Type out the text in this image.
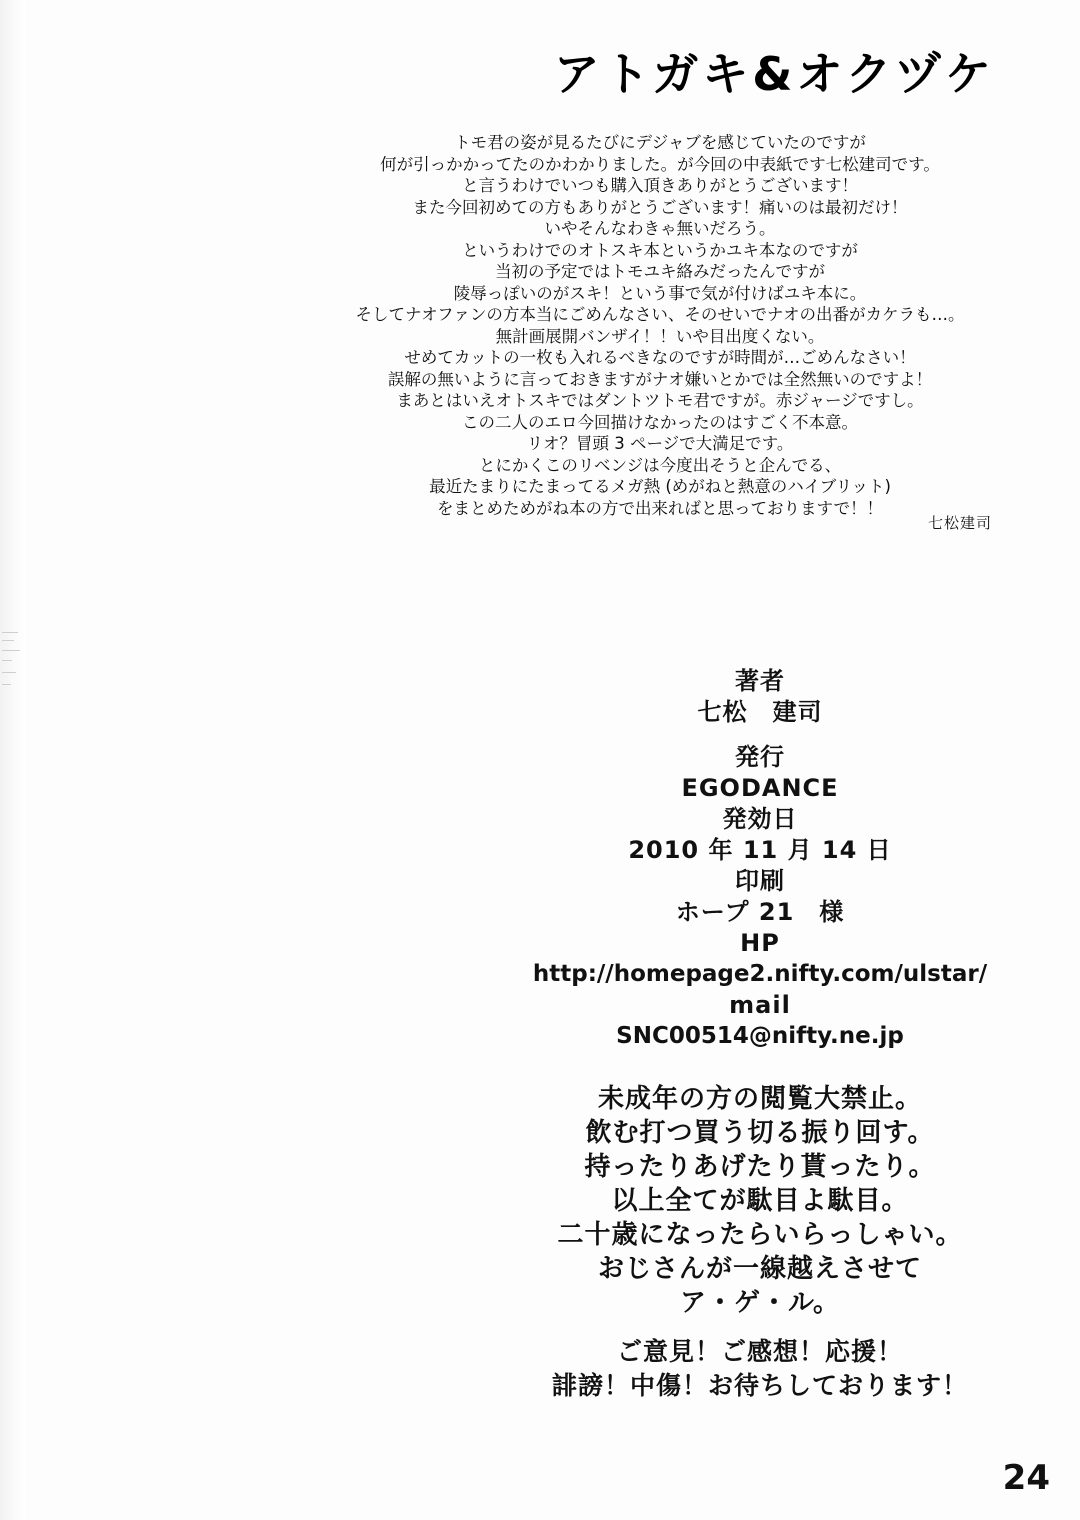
アトガキ&オクヅケ
トモ君の姿が見るたびにデジャブを感じていたのですが
何が引っかかってたのかわかりました。が今回の中表紙です七松建司です。
と言うわけでいつも購入頂きありがとうございます！
また今回初めての方もありがとうございます！痛いのは最初だけ！
いやそんなわきゃ無いだろう。
というわけでのオトスキ本というかユキ本なのですが
当初の予定ではトモユキ絡みだったんですが
陵辱っぽいのがスキ！という事で気が付けばユキ本に。
そしてナオファンの方本当にごめんなさい、そのせいでナオの出番がカケラも…。
無計画展開バンザイ！！いや目出度くない。
せめてカットの一枚も入れるべきなのですが時間が…ごめんなさい！
誤解の無いように言っておきますがナオ嫌いとかでは全然無いのですよ！
まあとはいえオトスキではダントツトモ君ですが。赤ジャージですし。
この二人のエロ今回描けなかったのはすごく不本意。
リオ？冒頭 3 ページで大満足です。
とにかくこのリベンジは今度出そうと企んでる、
最近たまりにたまってるメガ熱 (めがねと熱意のハイブリット)
をまとめためがね本の方で出来ればと思っておりますで！！
七松建司
著者
七松　建司
発行
EGODANCE
発効日
2010 年 11 月 14 日
印刷
ホープ 21　様
HP
http://homepage2.nifty.com/ulstar/
mail
SNC00514@nifty.ne.jp
未成年の方の閲覧大禁止。
飲む打つ買う切る振り回す。
持ったりあげたり貰ったり。
以上全てが駄目よ駄目。
二十歳になったらいらっしゃい。
おじさんが一線越えさせて
ア・ゲ・ル。
ご意見！ご感想！応援！
誹謗！中傷！お待ちしております！
24
